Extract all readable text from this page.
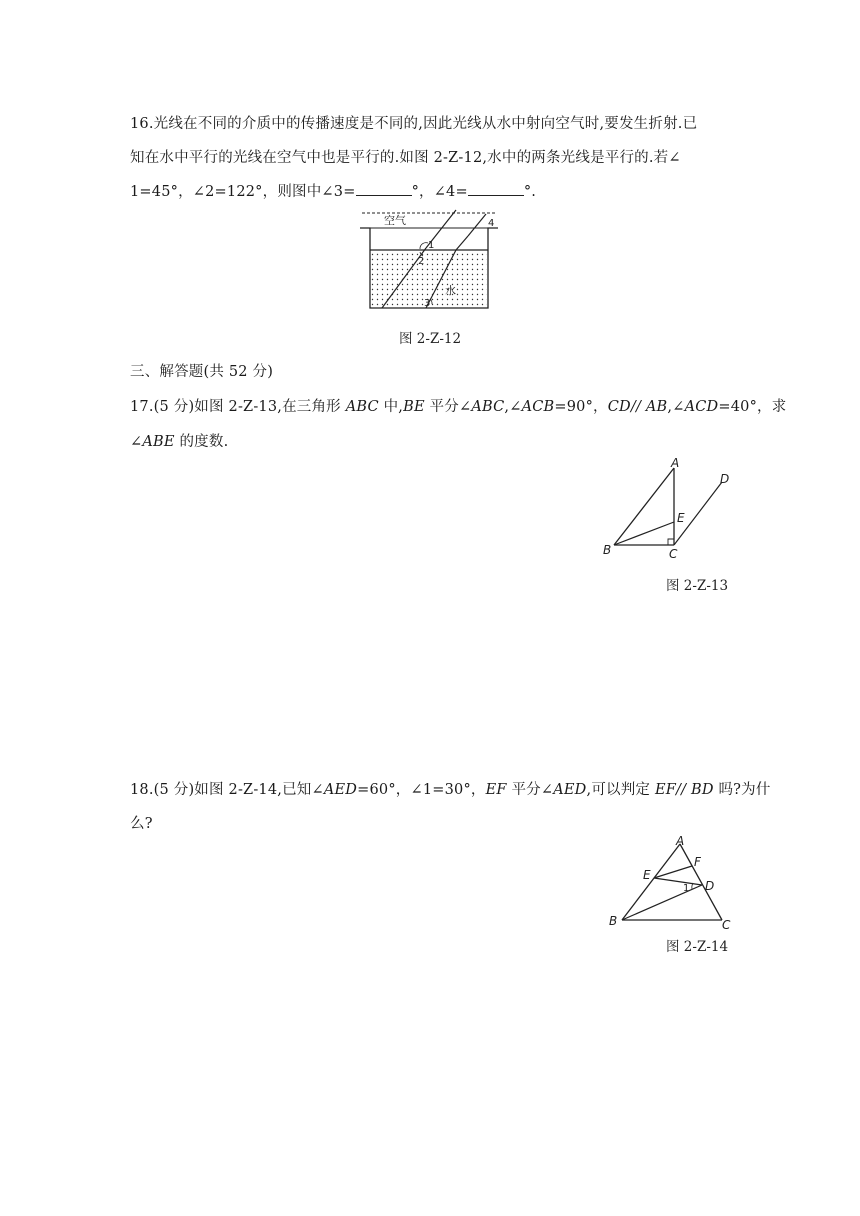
16.光线在不同的介质中的传播速度是不同的,因此光线从水中射向空气时,要发生折射.已
知在水中平行的光线在空气中也是平行的.如图 2-Z-12,水中的两条光线是平行的.若∠
1=45°，∠2=122°，则图中∠3=	°，∠4=	°.
空气
水
1
2
3
4
图 2-Z-12
三、解答题(共 52 分)
17.(5 分)如图 2-Z-13,在三角形 ABC 中,BE 平分∠ABC,∠ACB=90°，CD// AB,∠ACD=40°，求
∠ABE 的度数.
A
B	C
D
E
图 2-Z-13
18.(5 分)如图 2-Z-14,已知∠AED=60°，∠1=30°，EF 平分∠AED,可以判定 EF// BD 吗?为什
么?
A
B	C
D
E
F
1
图 2-Z-14
